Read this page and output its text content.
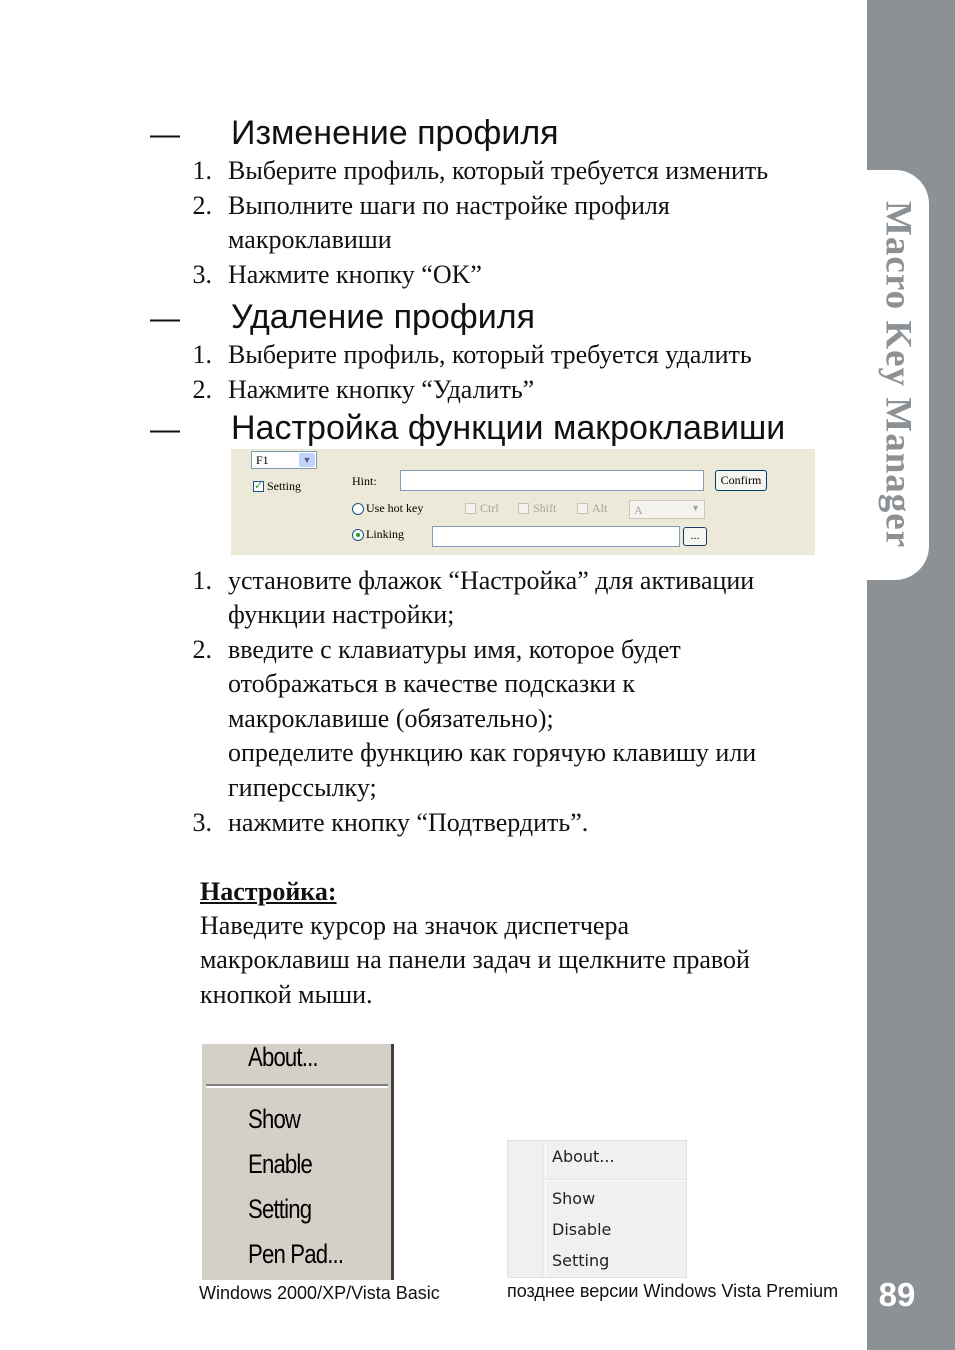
Macro Key Manager
89
— Изменение профиля
1. Выберите профиль, который требуется изменить
2. Выполните шаги по настройке профиля
макроклавиши
3. Нажмите кнопку “OK”
— Удаление профиля
1. Выберите профиль, который требуется удалить
2. Нажмите кнопку “Удалить”
— Настройка функции макроклавиши
F1	▼
✓
Setting	Hint:	Confirm
Use hot key	Ctrl	Shift	Alt A	▼
Linking	...
1. установите флажок “Настройка” для активации
функции настройки;
2. введите с клавиатуры имя, которое будет
отображаться в качестве подсказки к
макроклавише (обязательно);
определите функцию как горячую клавишу или
гиперссылку;
3. нажмите кнопку “Подтвердить”.
Настройка:
Наведите курсор на значок диспетчера
макроклавиш на панели задач и щелкните правой
кнопкой мыши.
About...
Show
Enable
Setting
Pen Pad...
About...
Show
Disable
Setting
Windows 2000/XP/Vista Basic	позднее версии Windows Vista Premium
